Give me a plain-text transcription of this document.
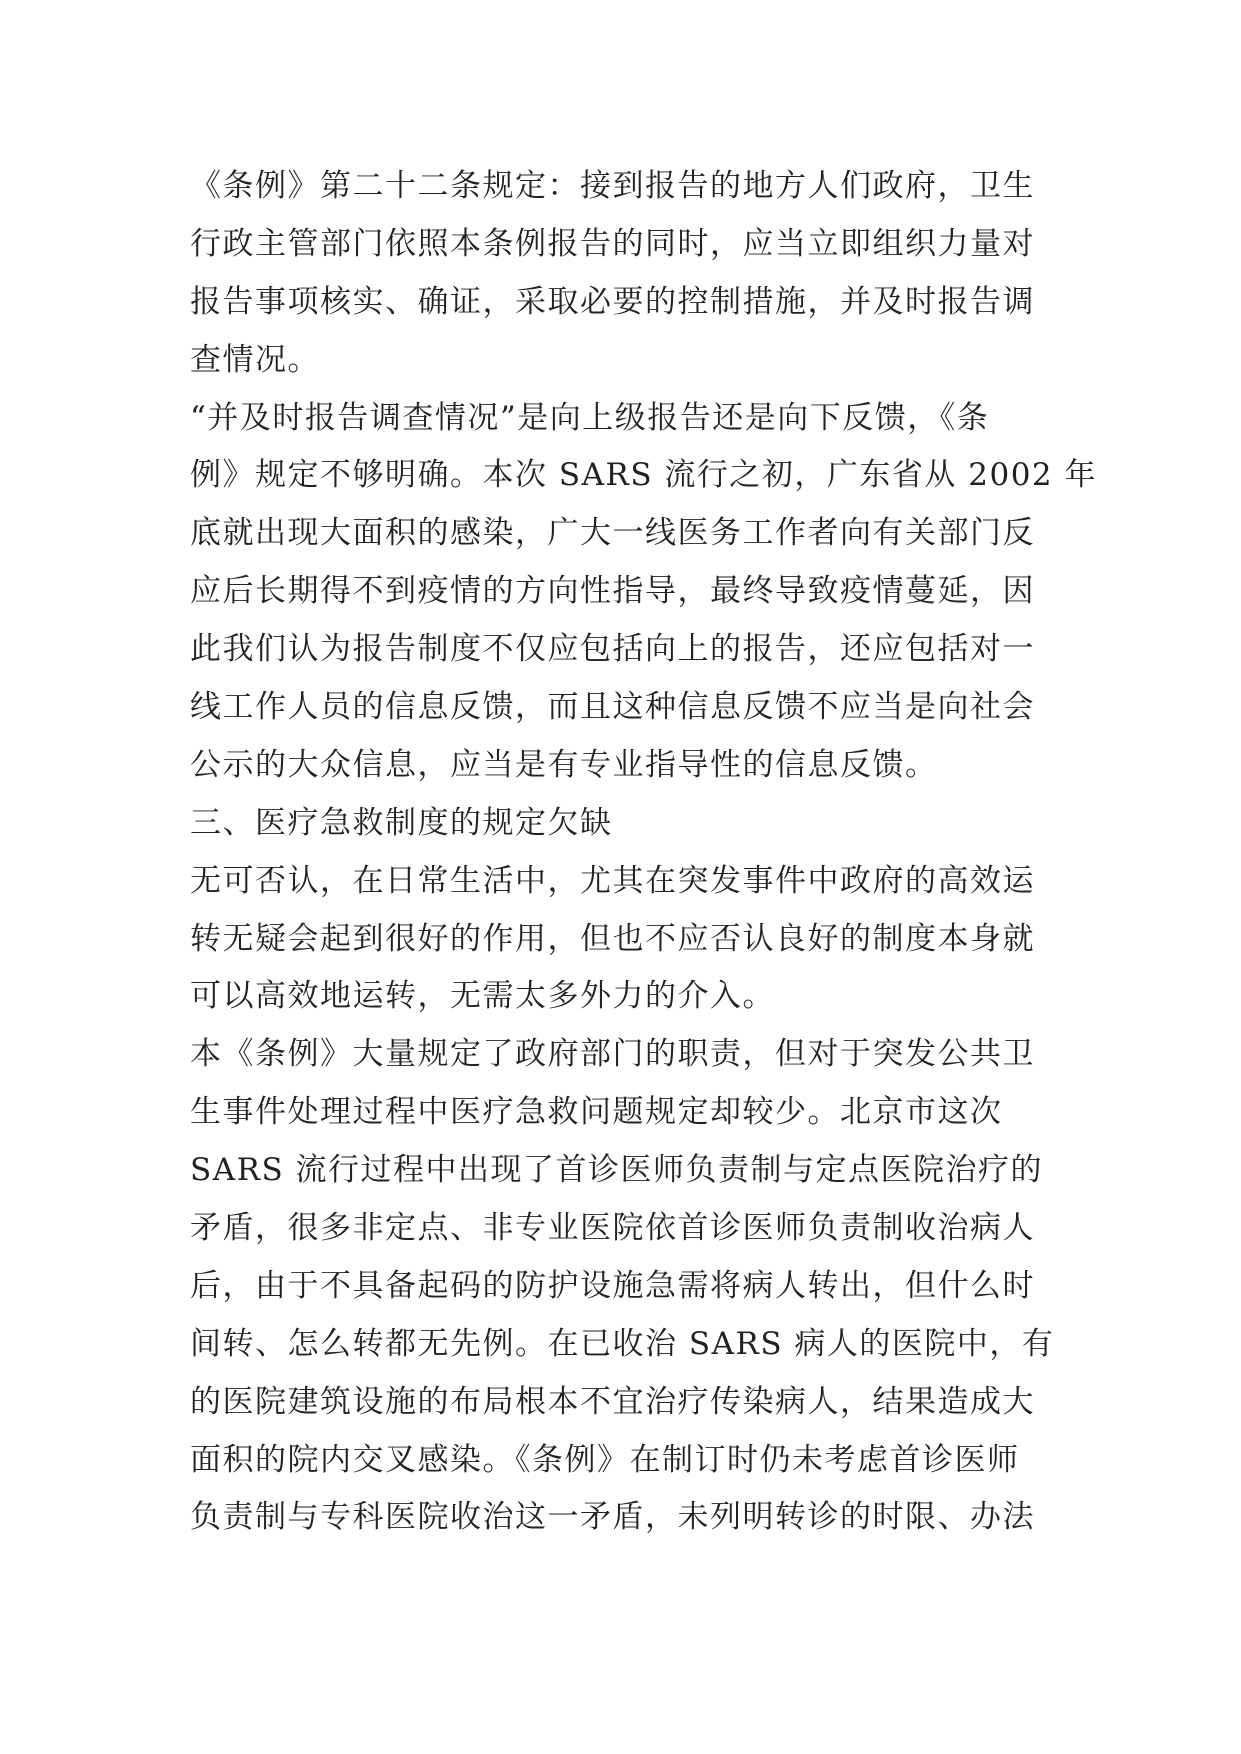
《条例》第二十二条规定：接到报告的地方人们政府，卫生
行政主管部门依照本条例报告的同时，应当立即组织力量对
报告事项核实、确证，采取必要的控制措施，并及时报告调
查情况。
“并及时报告调查情况”是向上级报告还是向下反馈，《条
例》规定不够明确。本次 SARS 流行之初，广东省从 2002 年
底就出现大面积的感染，广大一线医务工作者向有关部门反
应后长期得不到疫情的方向性指导，最终导致疫情蔓延，因
此我们认为报告制度不仅应包括向上的报告，还应包括对一
线工作人员的信息反馈，而且这种信息反馈不应当是向社会
公示的大众信息，应当是有专业指导性的信息反馈。
三、医疗急救制度的规定欠缺
无可否认，在日常生活中，尤其在突发事件中政府的高效运
转无疑会起到很好的作用，但也不应否认良好的制度本身就
可以高效地运转，无需太多外力的介入。
本《条例》大量规定了政府部门的职责，但对于突发公共卫
生事件处理过程中医疗急救问题规定却较少。北京市这次
SARS 流行过程中出现了首诊医师负责制与定点医院治疗的
矛盾，很多非定点、非专业医院依首诊医师负责制收治病人
后，由于不具备起码的防护设施急需将病人转出，但什么时
间转、怎么转都无先例。在已收治 SARS 病人的医院中，有
的医院建筑设施的布局根本不宜治疗传染病人，结果造成大
面积的院内交叉感染。《条例》在制订时仍未考虑首诊医师
负责制与专科医院收治这一矛盾，未列明转诊的时限、办法
